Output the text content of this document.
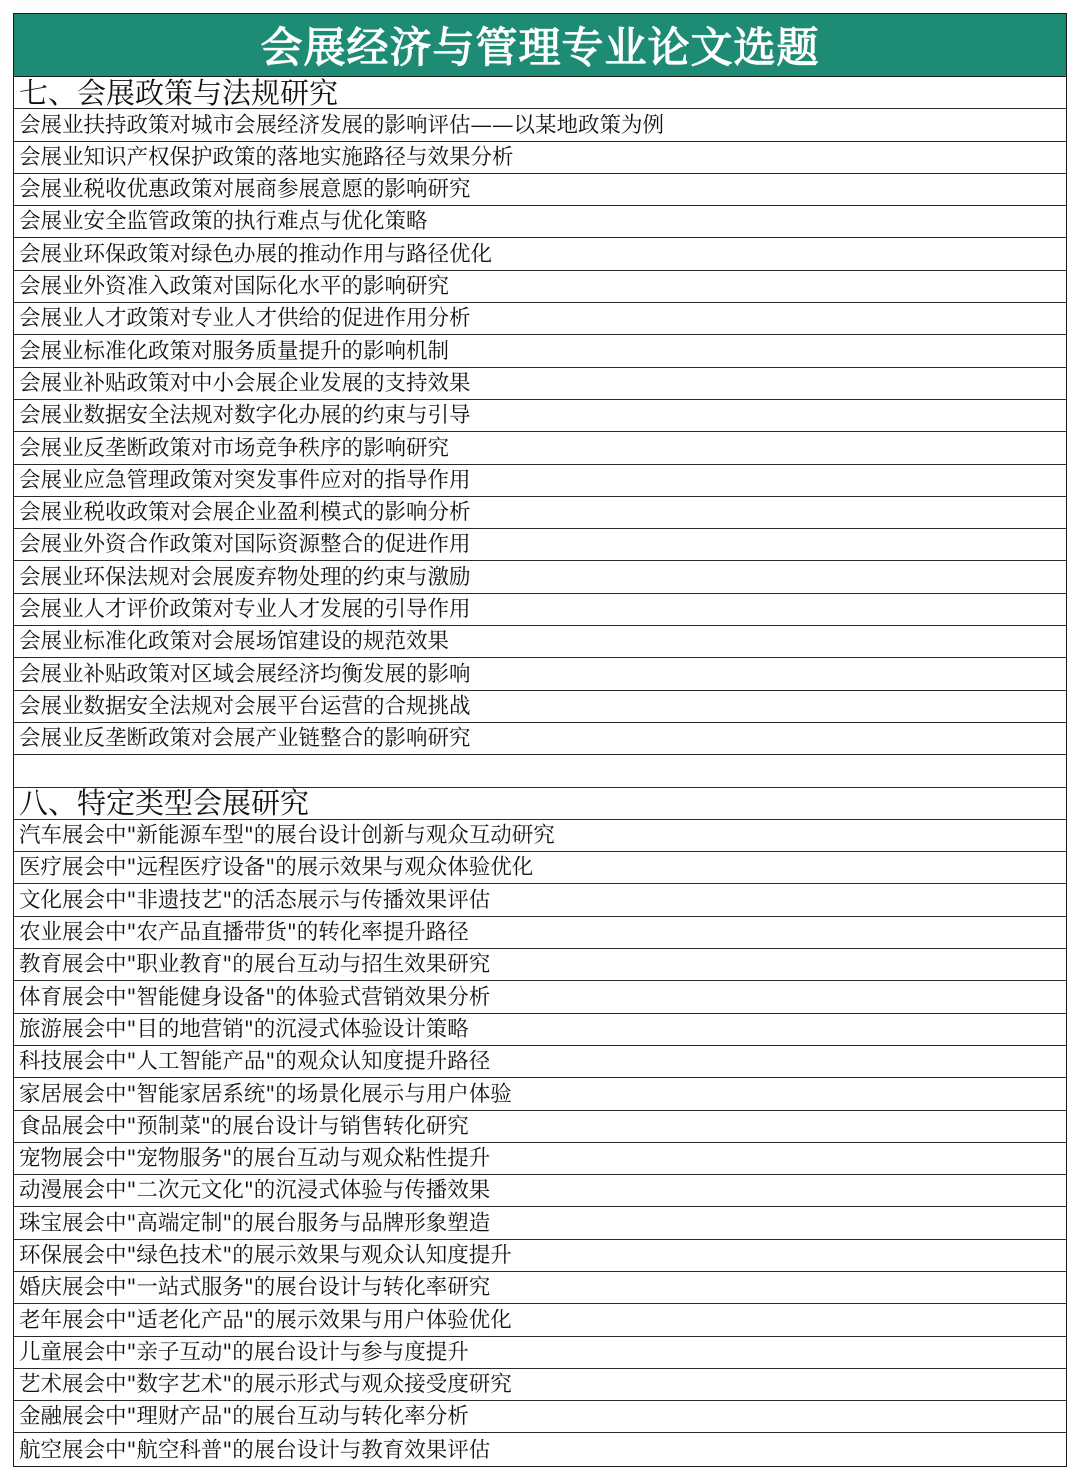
会展经济与管理专业论文选题
七、会展政策与法规研究
会展业扶持政策对城市会展经济发展的影响评估——以某地政策为例
会展业知识产权保护政策的落地实施路径与效果分析
会展业税收优惠政策对展商参展意愿的影响研究
会展业安全监管政策的执行难点与优化策略
会展业环保政策对绿色办展的推动作用与路径优化
会展业外资准入政策对国际化水平的影响研究
会展业人才政策对专业人才供给的促进作用分析
会展业标准化政策对服务质量提升的影响机制
会展业补贴政策对中小会展企业发展的支持效果
会展业数据安全法规对数字化办展的约束与引导
会展业反垄断政策对市场竞争秩序的影响研究
会展业应急管理政策对突发事件应对的指导作用
会展业税收政策对会展企业盈利模式的影响分析
会展业外资合作政策对国际资源整合的促进作用
会展业环保法规对会展废弃物处理的约束与激励
会展业人才评价政策对专业人才发展的引导作用
会展业标准化政策对会展场馆建设的规范效果
会展业补贴政策对区域会展经济均衡发展的影响
会展业数据安全法规对会展平台运营的合规挑战
会展业反垄断政策对会展产业链整合的影响研究
八、特定类型会展研究
汽车展会中"新能源车型"的展台设计创新与观众互动研究
医疗展会中"远程医疗设备"的展示效果与观众体验优化
文化展会中"非遗技艺"的活态展示与传播效果评估
农业展会中"农产品直播带货"的转化率提升路径
教育展会中"职业教育"的展台互动与招生效果研究
体育展会中"智能健身设备"的体验式营销效果分析
旅游展会中"目的地营销"的沉浸式体验设计策略
科技展会中"人工智能产品"的观众认知度提升路径
家居展会中"智能家居系统"的场景化展示与用户体验
食品展会中"预制菜"的展台设计与销售转化研究
宠物展会中"宠物服务"的展台互动与观众粘性提升
动漫展会中"二次元文化"的沉浸式体验与传播效果
珠宝展会中"高端定制"的展台服务与品牌形象塑造
环保展会中"绿色技术"的展示效果与观众认知度提升
婚庆展会中"一站式服务"的展台设计与转化率研究
老年展会中"适老化产品"的展示效果与用户体验优化
儿童展会中"亲子互动"的展台设计与参与度提升
艺术展会中"数字艺术"的展示形式与观众接受度研究
金融展会中"理财产品"的展台互动与转化率分析
航空展会中"航空科普"的展台设计与教育效果评估
